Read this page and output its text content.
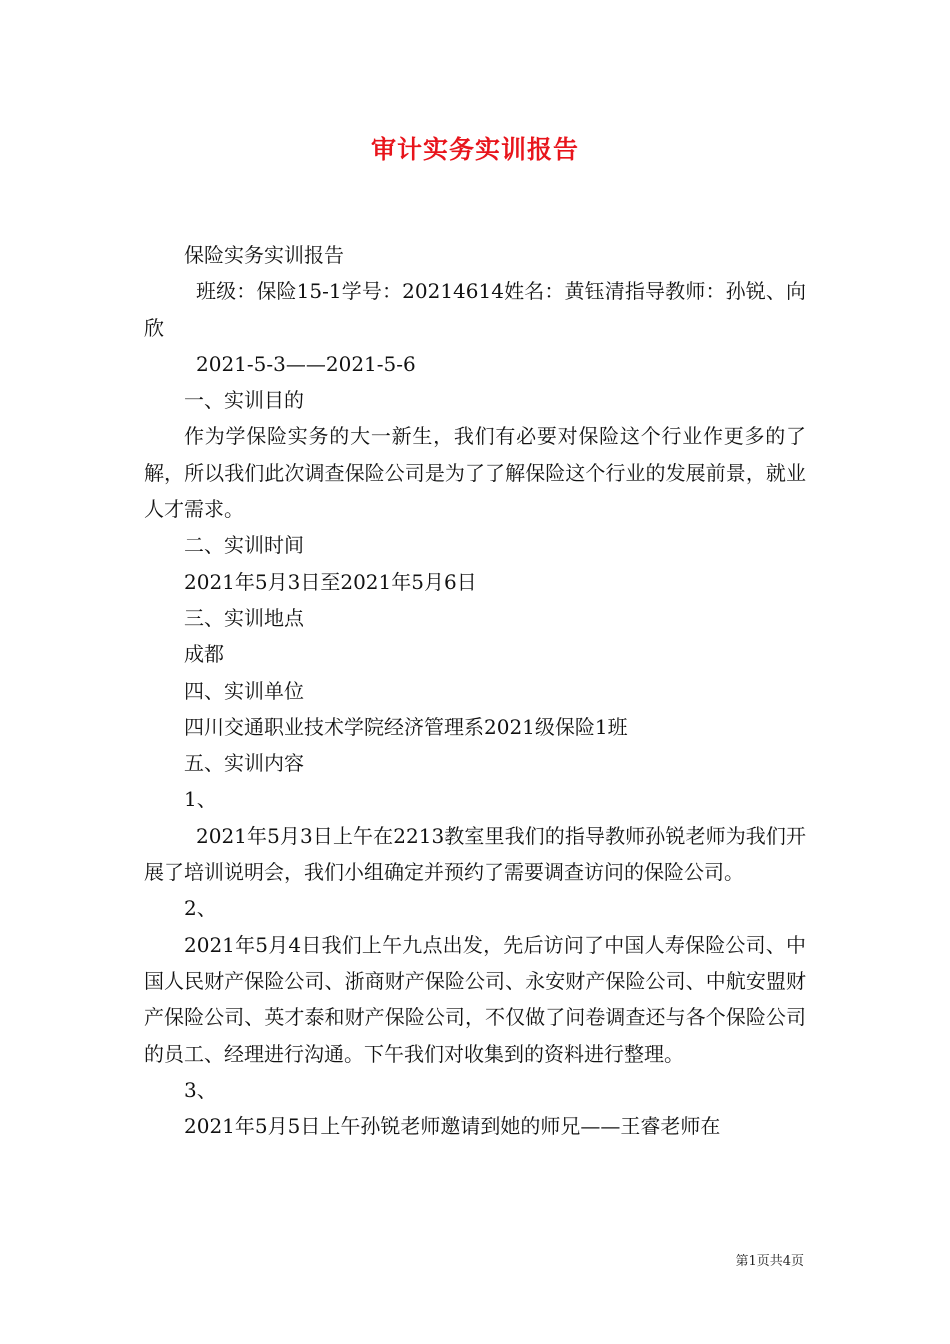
审计实务实训报告

保险实务实训报告

班级：保险15-1学号：20214614姓名：黄钰清指导教师：孙锐、向欣

2021-5-3——2021-5-6

一、实训目的

作为学保险实务的大一新生，我们有必要对保险这个行业作更多的了解，所以我们此次调查保险公司是为了了解保险这个行业的发展前景，就业人才需求。

二、实训时间

2021年5月3日至2021年5月6日

三、实训地点

成都

四、实训单位

四川交通职业技术学院经济管理系2021级保险1班

五、实训内容

1、

2021年5月3日上午在2213教室里我们的指导教师孙锐老师为我们开展了培训说明会，我们小组确定并预约了需要调查访问的保险公司。

2、

2021年5月4日我们上午九点出发，先后访问了中国人寿保险公司、中国人民财产保险公司、浙商财产保险公司、永安财产保险公司、中航安盟财产保险公司、英才泰和财产保险公司，不仅做了问卷调查还与各个保险公司的员工、经理进行沟通。下午我们对收集到的资料进行整理。

3、

2021年5月5日上午孙锐老师邀请到她的师兄——王睿老师在

第1页共4页
